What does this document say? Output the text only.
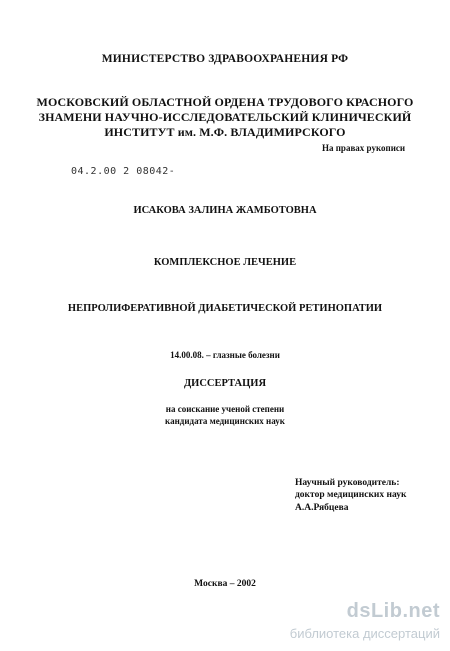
МИНИСТЕРСТВО ЗДРАВООХРАНЕНИЯ РФ
МОСКОВСКИЙ ОБЛАСТНОЙ ОРДЕНА ТРУДОВОГО КРАСНОГО
ЗНАМЕНИ НАУЧНО-ИССЛЕДОВАТЕЛЬСКИЙ КЛИНИЧЕСКИЙ
ИНСТИТУТ им. М.Ф. ВЛАДИМИРСКОГО
На правах рукописи
04.2.00 2 08042-
ИСАКОВА ЗАЛИНА ЖАМБОТОВНА
КОМПЛЕКСНОЕ ЛЕЧЕНИЕ
НЕПРОЛИФЕРАТИВНОЙ ДИАБЕТИЧЕСКОЙ РЕТИНОПАТИИ
14.00.08. – глазные болезни
ДИССЕРТАЦИЯ
на соискание ученой степени
кандидата медицинских наук
Научный руководитель:
доктор медицинских наук
А.А.Рябцева
Москва – 2002
dsLib.net
библиотека диссертаций
